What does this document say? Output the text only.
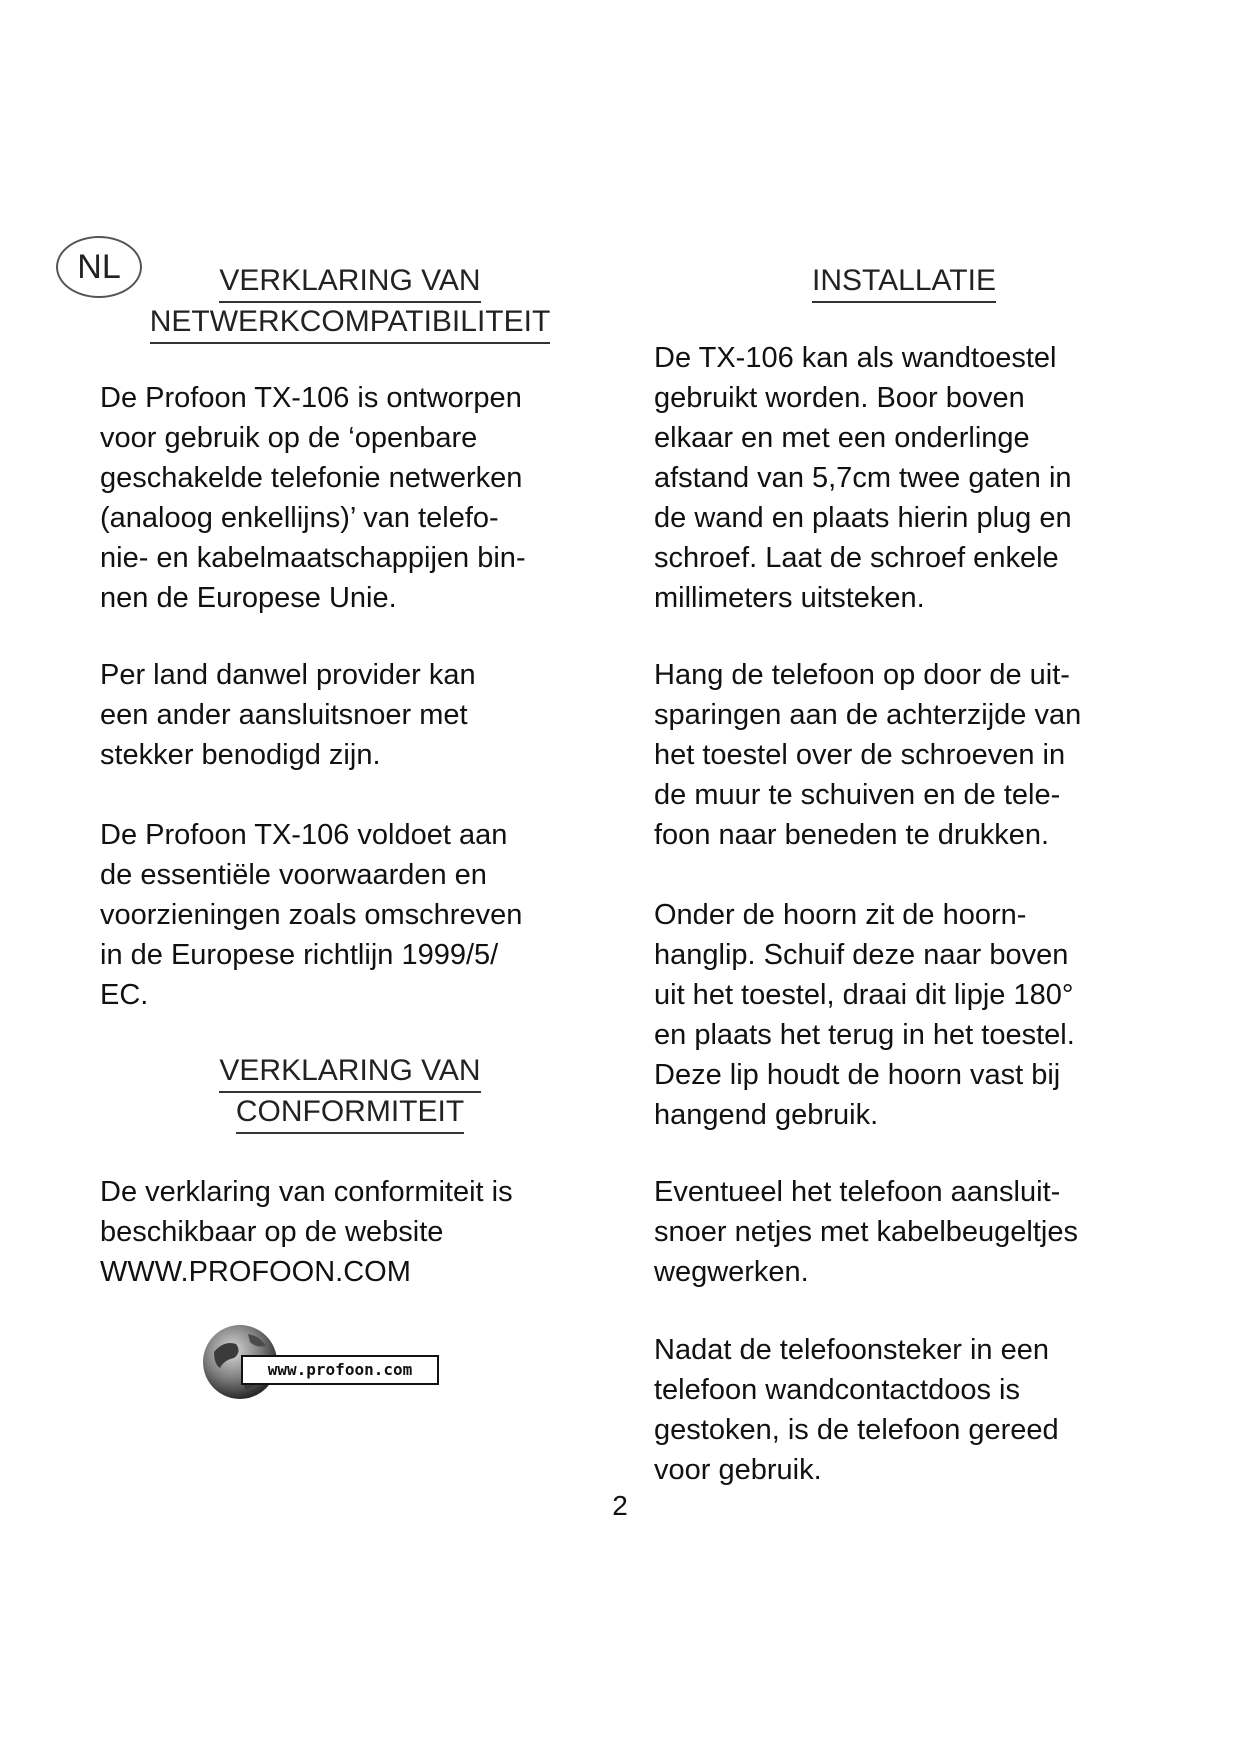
NL	VERKLARING VAN
NETWERKCOMPATIBILITEIT
De Profoon TX-106 is ontworpen
voor gebruik op de ‘openbare
geschakelde telefonie netwerken
(analoog enkellijns)’ van telefo-
nie- en kabelmaatschappijen bin-
nen de Europese Unie.
Per land danwel provider kan
een ander aansluitsnoer met
stekker benodigd zijn.
De Profoon TX-106 voldoet aan
de essentiële voorwaarden en
voorzieningen zoals omschreven
in de Europese richtlijn 1999/5/
EC.
VERKLARING VAN
CONFORMITEIT
De verklaring van conformiteit is
beschikbaar op de website
WWW.PROFOON.COM
www.profoon.com
INSTALLATIE
De TX-106 kan als wandtoestel
gebruikt worden. Boor boven
elkaar en met een onderlinge
afstand van 5,7cm twee gaten in
de wand en plaats hierin plug en
schroef. Laat de schroef enkele
millimeters uitsteken.
Hang de telefoon op door de uit-
sparingen aan de achterzijde van
het toestel over de schroeven in
de muur te schuiven en de tele-
foon naar beneden te drukken.
Onder de hoorn zit de hoorn-
hanglip. Schuif deze naar boven
uit het toestel, draai dit lipje 180°
en plaats het terug in het toestel.
Deze lip houdt de hoorn vast bij
hangend gebruik.
Eventueel het telefoon aansluit-
snoer netjes met kabelbeugeltjes
wegwerken.
Nadat de telefoonsteker in een
telefoon wandcontactdoos is
gestoken, is de telefoon gereed
voor gebruik.
2
